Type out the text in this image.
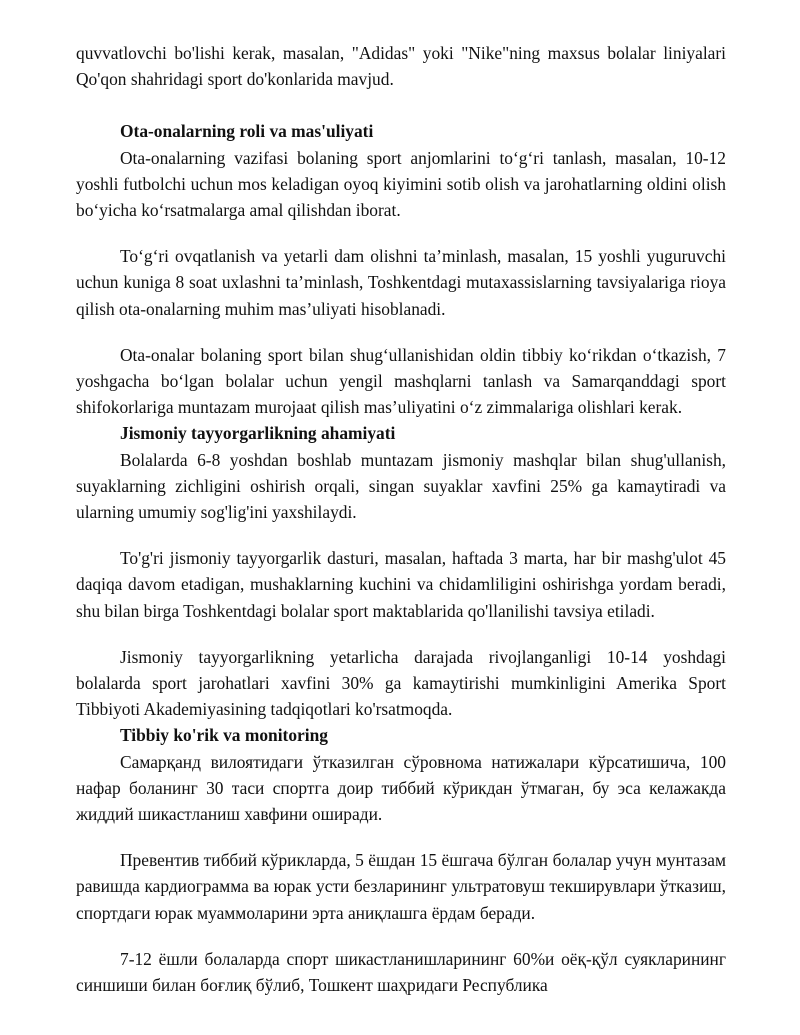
quvvatlovchi bo'lishi kerak, masalan, "Adidas" yoki "Nike"ning maxsus bolalar liniyalari Qo'qon shahridagi sport do'konlarida mavjud.

Ota-onalarning roli va mas'uliyati

Ota-onalarning vazifasi bolaning sport anjomlarini to‘g‘ri tanlash, masalan, 10-12 yoshli futbolchi uchun mos keladigan oyoq kiyimini sotib olish va jarohatlarning oldini olish bo‘yicha ko‘rsatmalarga amal qilishdan iborat.

To‘g‘ri ovqatlanish va yetarli dam olishni ta’minlash, masalan, 15 yoshli yuguruvchi uchun kuniga 8 soat uxlashni ta’minlash, Toshkentdagi mutaxassislarning tavsiyalariga rioya qilish ota-onalarning muhim mas’uliyati hisoblanadi.

Ota-onalar bolaning sport bilan shug‘ullanishidan oldin tibbiy ko‘rikdan o‘tkazish, 7 yoshgacha bo‘lgan bolalar uchun yengil mashqlarni tanlash va Samarqanddagi sport shifokorlariga muntazam murojaat qilish mas’uliyatini o‘z zimmalariga olishlari kerak.

Jismoniy tayyorgarlikning ahamiyati

Bolalarda 6-8 yoshdan boshlab muntazam jismoniy mashqlar bilan shug'ullanish, suyaklarning zichligini oshirish orqali, singan suyaklar xavfini 25% ga kamaytiradi va ularning umumiy sog'lig'ini yaxshilaydi.

To'g'ri jismoniy tayyorgarlik dasturi, masalan, haftada 3 marta, har bir mashg'ulot 45 daqiqa davom etadigan, mushaklarning kuchini va chidamliligini oshirishga yordam beradi, shu bilan birga Toshkentdagi bolalar sport maktablarida qo'llanilishi tavsiya etiladi.

Jismoniy tayyorgarlikning yetarlicha darajada rivojlanganligi 10-14 yoshdagi bolalarda sport jarohatlari xavfini 30% ga kamaytirishi mumkinligini Amerika Sport Tibbiyoti Akademiyasining tadqiqotlari ko'rsatmoqda.

Tibbiy ko'rik va monitoring

Самарқанд вилоятидаги ўтказилган сўровнома натижалари кўрсатишича, 100 нафар боланинг 30 таси спортга доир тиббий кўрикдан ўтмаган, бу эса келажакда жиддий шикастланиш хавфини оширади.

Превентив тиббий кўрикларда, 5 ёшдан 15 ёшгача бўлган болалар учун мунтазам равишда кардиограмма ва юрак усти безларининг ультратовуш текширувлари ўтказиш, спортдаги юрак муаммоларини эрта аниқлашга ёрдам беради.

7-12 ёшли болаларда спорт шикастланишларининг 60%и оёқ-қўл суякларининг синшиши билан боғлиқ бўлиб, Тошкент шаҳридаги Республика
